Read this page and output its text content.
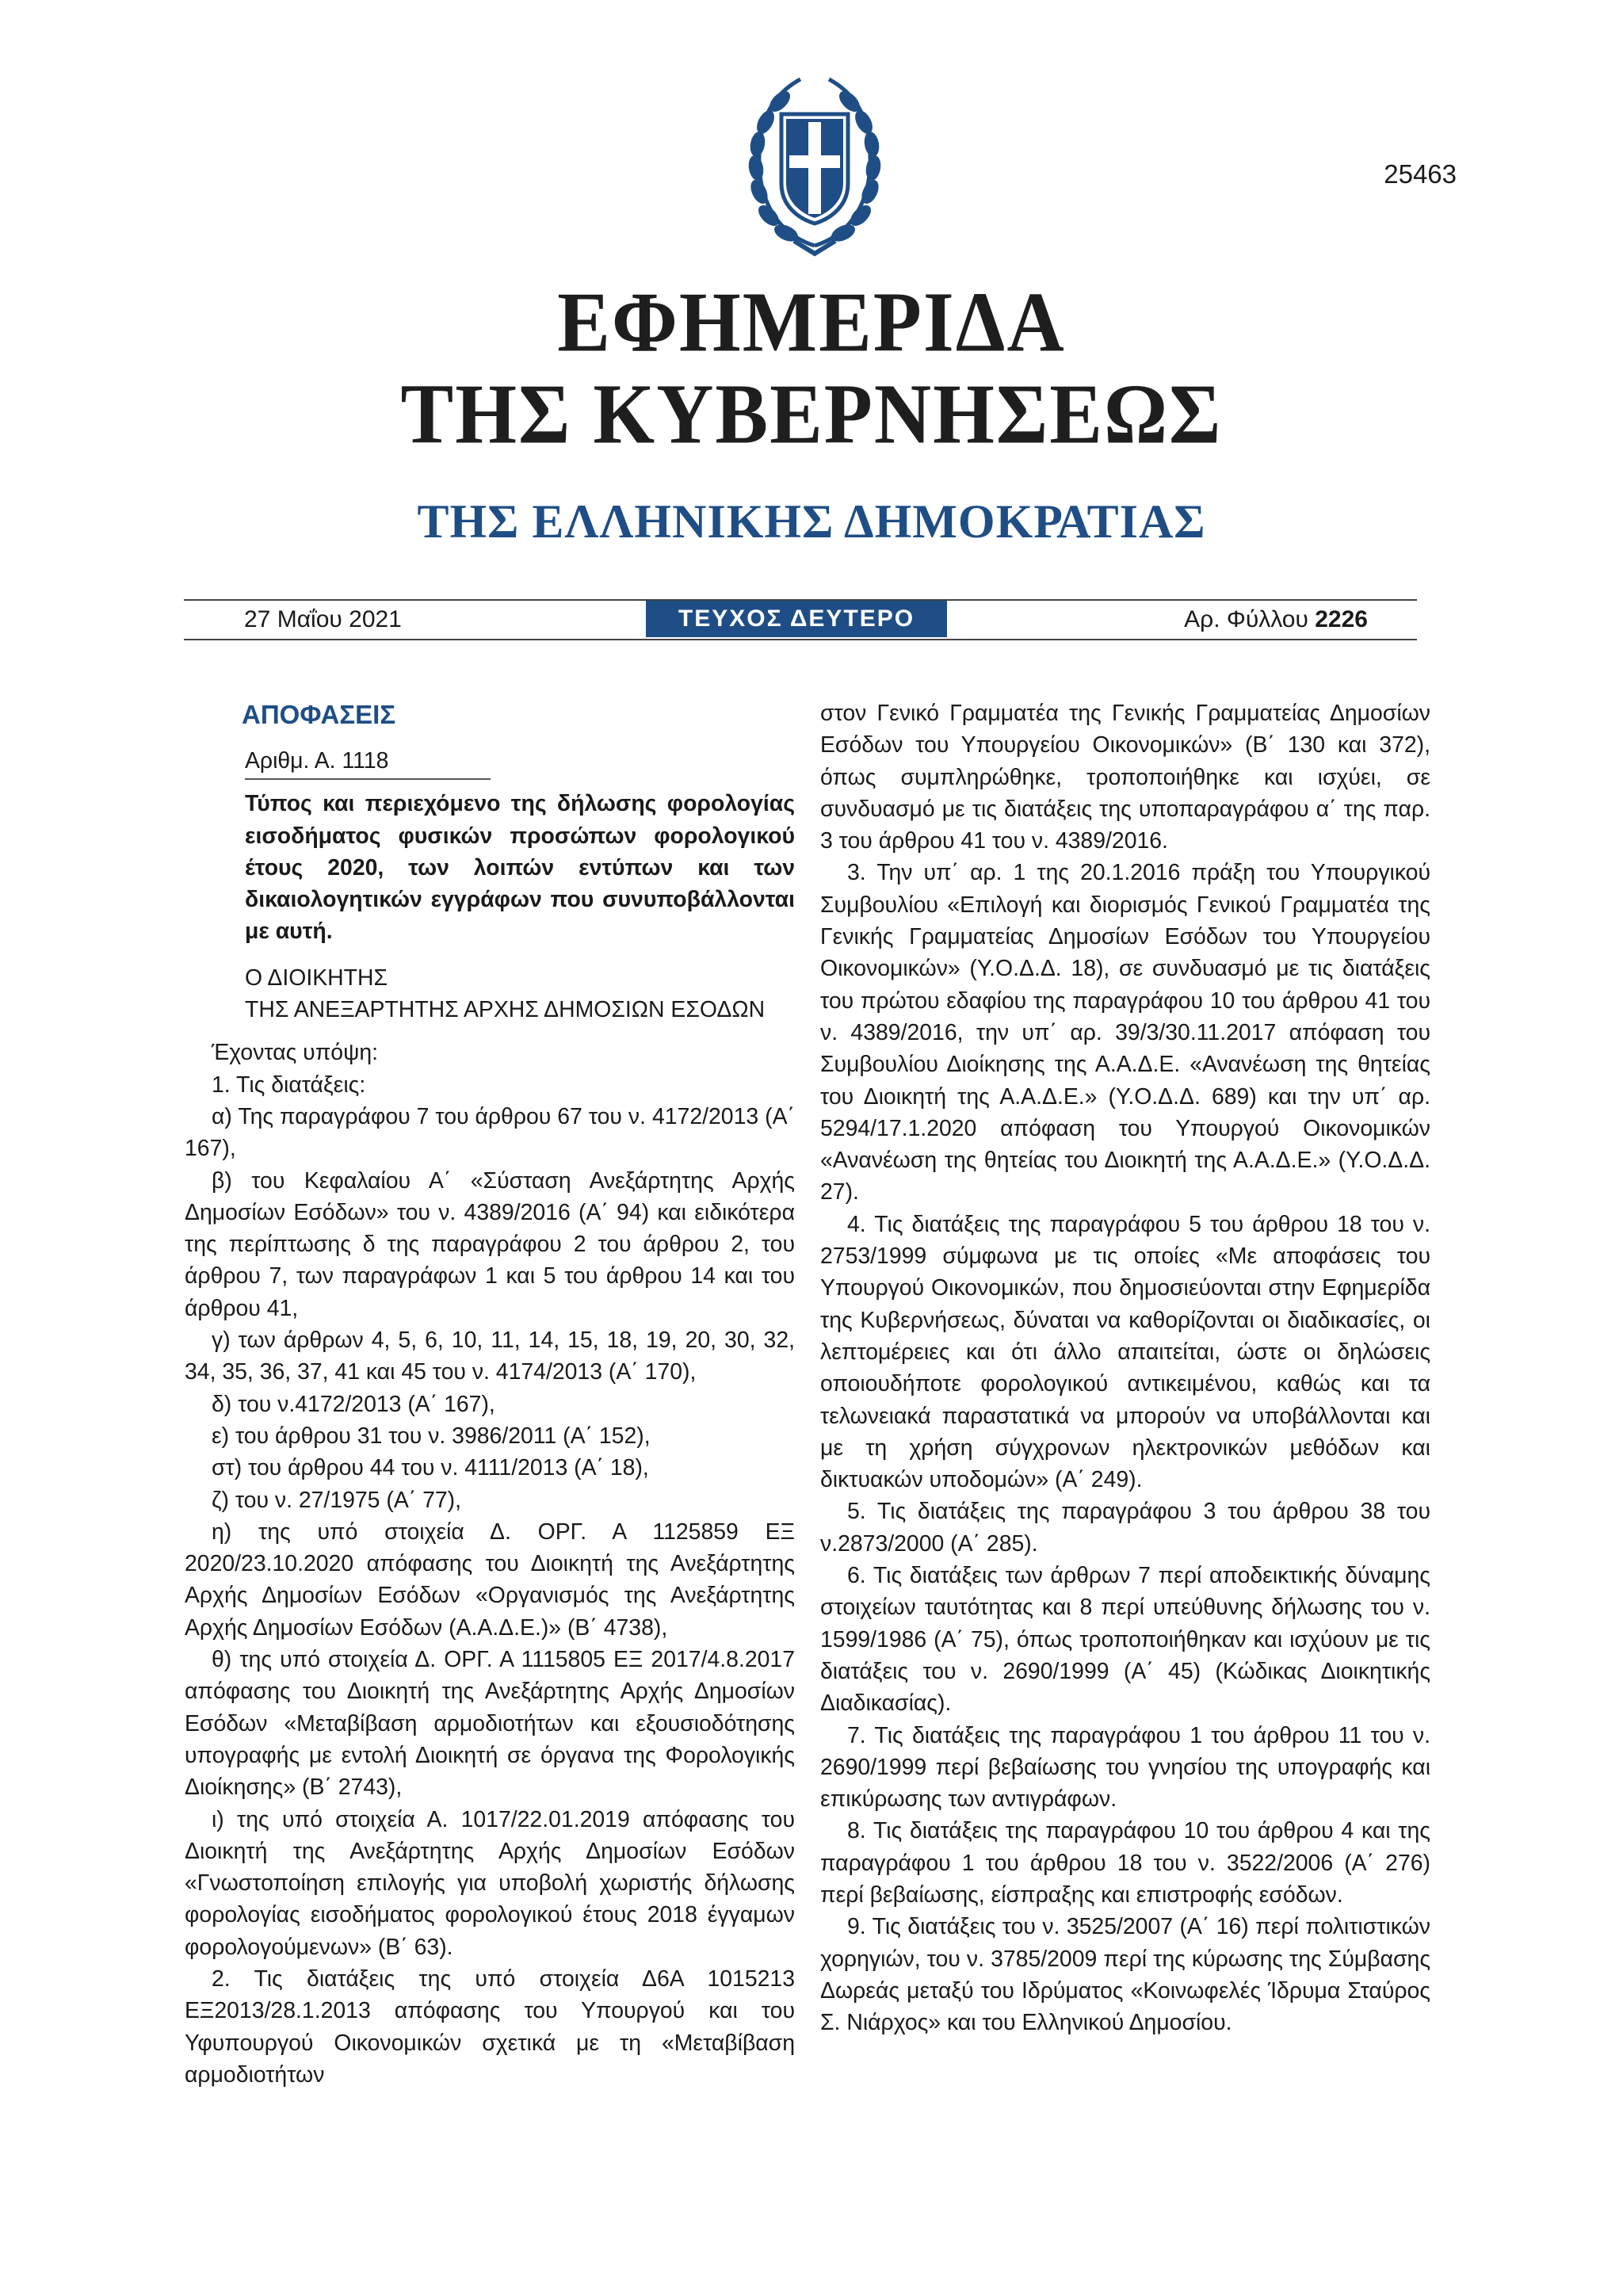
25463
ΕΦΗΜΕΡΙΔΑ
ΤΗΣ ΚΥΒΕΡΝΗΣΕΩΣ
ΤΗΣ ΕΛΛΗΝΙΚΗΣ ΔΗΜΟΚΡΑΤΙΑΣ
27 Μαΐου 2021	ΤΕΥΧΟΣ ΔΕΥΤΕΡΟ	Αρ. Φύλλου 2226

ΑΠΟΦΑΣΕΙΣ

Αριθμ. Α. 1118

Τύπος και περιεχόμενο της δήλωσης φορολογίας εισοδήματος φυσικών προσώπων φορολογικού έτους 2020, των λοιπών εντύπων και των δικαιολογητικών εγγράφων που συνυποβάλλονται με αυτή.

Ο ΔΙΟΙΚΗΤΗΣ

ΤΗΣ ΑΝΕΞΑΡΤΗΤΗΣ ΑΡΧΗΣ ΔΗΜΟΣΙΩΝ ΕΣΟΔΩΝ

Έχοντας υπόψη:

1. Τις διατάξεις:

α) Της παραγράφου 7 του άρθρου 67 του ν. 4172/2013 (Α΄ 167),

β) του Κεφαλαίου Α΄ «Σύσταση Ανεξάρτητης Αρχής Δημοσίων Εσόδων» του ν. 4389/2016 (Α΄ 94) και ειδικότερα της περίπτωσης δ της παραγράφου 2 του άρθρου 2, του άρθρου 7, των παραγράφων 1 και 5 του άρθρου 14 και του άρθρου 41,

γ) των άρθρων 4, 5, 6, 10, 11, 14, 15, 18, 19, 20, 30, 32, 34, 35, 36, 37, 41 και 45 του ν. 4174/2013 (Α΄ 170),

δ) του ν.4172/2013 (Α΄ 167),

ε) του άρθρου 31 του ν. 3986/2011 (Α΄ 152),

στ) του άρθρου 44 του ν. 4111/2013 (Α΄ 18),

ζ) του ν. 27/1975 (Α΄ 77),

η) της υπό στοιχεία Δ. ΟΡΓ. Α 1125859 ΕΞ 2020/23.10.2020 απόφασης του Διοικητή της Ανεξάρτητης Αρχής Δημοσίων Εσόδων «Οργανισμός της Ανεξάρτητης Αρχής Δημοσίων Εσόδων (Α.Α.Δ.Ε.)» (Β΄ 4738),

θ) της υπό στοιχεία Δ. ΟΡΓ. Α 1115805 ΕΞ 2017/4.8.2017 απόφασης του Διοικητή της Ανεξάρτητης Αρχής Δημοσίων Εσόδων «Μεταβίβαση αρμοδιοτήτων και εξουσιοδότησης υπογραφής με εντολή Διοικητή σε όργανα της Φορολογικής Διοίκησης» (Β΄ 2743),

ι) της υπό στοιχεία Α. 1017/22.01.2019 απόφασης του Διοικητή της Ανεξάρτητης Αρχής Δημοσίων Εσόδων «Γνωστοποίηση επιλογής για υποβολή χωριστής δήλωσης φορολογίας εισοδήματος φορολογικού έτους 2018 έγγαμων φορολογούμενων» (Β΄ 63).

2. Τις διατάξεις της υπό στοιχεία Δ6Α 1015213 ΕΞ2013/28.1.2013 απόφασης του Υπουργού και του Υφυπουργού Οικονομικών σχετικά με τη «Μεταβίβαση αρμοδιοτήτων

στον Γενικό Γραμματέα της Γενικής Γραμματείας Δημοσίων Εσόδων του Υπουργείου Οικονομικών» (Β΄ 130 και 372), όπως συμπληρώθηκε, τροποποιήθηκε και ισχύει, σε συνδυασμό με τις διατάξεις της υποπαραγράφου α΄ της παρ. 3 του άρθρου 41 του ν. 4389/2016.

3. Την υπ΄ αρ. 1 της 20.1.2016 πράξη του Υπουργικού Συμβουλίου «Επιλογή και διορισμός Γενικού Γραμματέα της Γενικής Γραμματείας Δημοσίων Εσόδων του Υπουργείου Οικονομικών» (Υ.Ο.Δ.Δ. 18), σε συνδυασμό με τις διατάξεις του πρώτου εδαφίου της παραγράφου 10 του άρθρου 41 του ν. 4389/2016, την υπ΄ αρ. 39/3/30.11.2017 απόφαση του Συμβουλίου Διοίκησης της Α.Α.Δ.Ε. «Ανανέωση της θητείας του Διοικητή της Α.Α.Δ.Ε.» (Υ.Ο.Δ.Δ. 689) και την υπ΄ αρ. 5294/17.1.2020 απόφαση του Υπουργού Οικονομικών «Ανανέωση της θητείας του Διοικητή της Α.Α.Δ.Ε.» (Υ.Ο.Δ.Δ. 27).

4. Τις διατάξεις της παραγράφου 5 του άρθρου 18 του ν. 2753/1999 σύμφωνα με τις οποίες «Με αποφάσεις του Υπουργού Οικονομικών, που δημοσιεύονται στην Εφημερίδα της Κυβερνήσεως, δύναται να καθορίζονται οι διαδικασίες, οι λεπτομέρειες και ότι άλλο απαιτείται, ώστε οι δηλώσεις οποιουδήποτε φορολογικού αντικειμένου, καθώς και τα τελωνειακά παραστατικά να μπορούν να υποβάλλονται και με τη χρήση σύγχρονων ηλεκτρονικών μεθόδων και δικτυακών υποδομών» (Α΄ 249).

5. Τις διατάξεις της παραγράφου 3 του άρθρου 38 του ν.2873/2000 (Α΄ 285).

6. Τις διατάξεις των άρθρων 7 περί αποδεικτικής δύναμης στοιχείων ταυτότητας και 8 περί υπεύθυνης δήλωσης του ν. 1599/1986 (Α΄ 75), όπως τροποποιήθηκαν και ισχύουν με τις διατάξεις του ν. 2690/1999 (Α΄ 45) (Κώδικας Διοικητικής Διαδικασίας).

7. Τις διατάξεις της παραγράφου 1 του άρθρου 11 του ν. 2690/1999 περί βεβαίωσης του γνησίου της υπογραφής και επικύρωσης των αντιγράφων.

8. Τις διατάξεις της παραγράφου 10 του άρθρου 4 και της παραγράφου 1 του άρθρου 18 του ν. 3522/2006 (Α΄ 276) περί βεβαίωσης, είσπραξης και επιστροφής εσόδων.

9. Τις διατάξεις του ν. 3525/2007 (Α΄ 16) περί πολιτιστικών χορηγιών, του ν. 3785/2009 περί της κύρωσης της Σύμβασης Δωρεάς μεταξύ του Ιδρύματος «Κοινωφελές Ίδρυμα Σταύρος Σ. Νιάρχος» και του Ελληνικού Δημοσίου.
